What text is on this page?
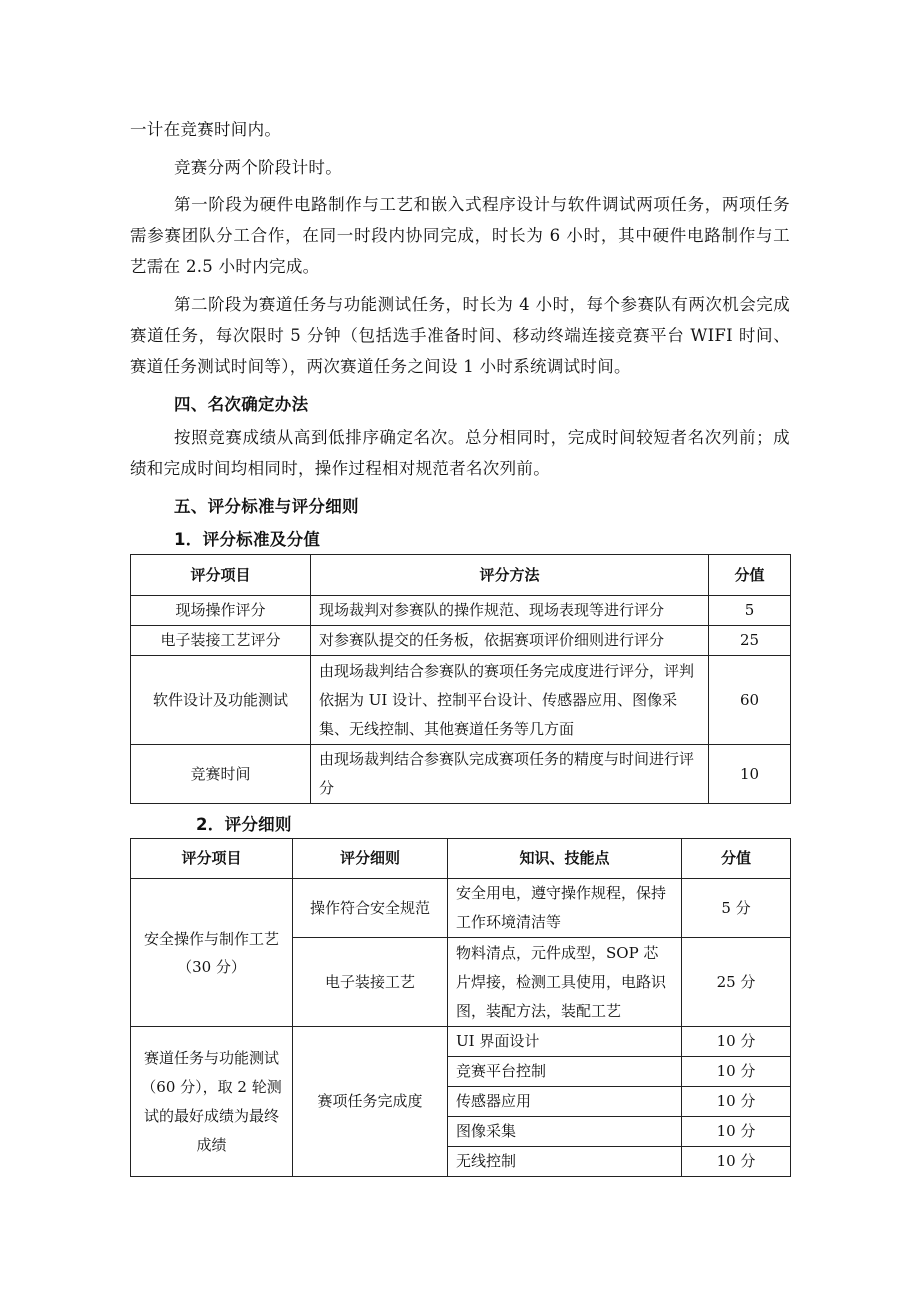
一计在竞赛时间内。

竞赛分两个阶段计时。

第一阶段为硬件电路制作与工艺和嵌入式程序设计与软件调试两项任务，两项任务需参赛团队分工合作，在同一时段内协同完成，时长为 6 小时，其中硬件电路制作与工艺需在 2.5 小时内完成。

第二阶段为赛道任务与功能测试任务，时长为 4 小时，每个参赛队有两次机会完成赛道任务，每次限时 5 分钟（包括选手准备时间、移动终端连接竞赛平台 WIFI 时间、赛道任务测试时间等），两次赛道任务之间设 1 小时系统调试时间。

四、名次确定办法

按照竞赛成绩从高到低排序确定名次。总分相同时，完成时间较短者名次列前；成绩和完成时间均相同时，操作过程相对规范者名次列前。

五、评分标准与评分细则

1．评分标准及分值

评分项目	评分方法	分值
现场操作评分	现场裁判对参赛队的操作规范、现场表现等进行评分	5
电子装接工艺评分	对参赛队提交的任务板，依据赛项评价细则进行评分	25
软件设计及功能测试	由现场裁判结合参赛队的赛项任务完成度进行评分，评判依据为 UI 设计、控制平台设计、传感器应用、图像采集、无线控制、其他赛道任务等几方面	60
竞赛时间	由现场裁判结合参赛队完成赛项任务的精度与时间进行评分	10

2．评分细则

评分项目	评分细则	知识、技能点	分值
安全操作与制作工艺（30 分）	操作符合安全规范	安全用电，遵守操作规程，保持工作环境清洁等	5 分
	电子装接工艺	物料清点，元件成型，SOP 芯片焊接，检测工具使用，电路识图，装配方法，装配工艺	25 分
赛道任务与功能测试（60 分），取 2 轮测试的最好成绩为最终成绩	赛项任务完成度	UI 界面设计	10 分
		竞赛平台控制	10 分
		传感器应用	10 分
		图像采集	10 分
		无线控制	10 分
